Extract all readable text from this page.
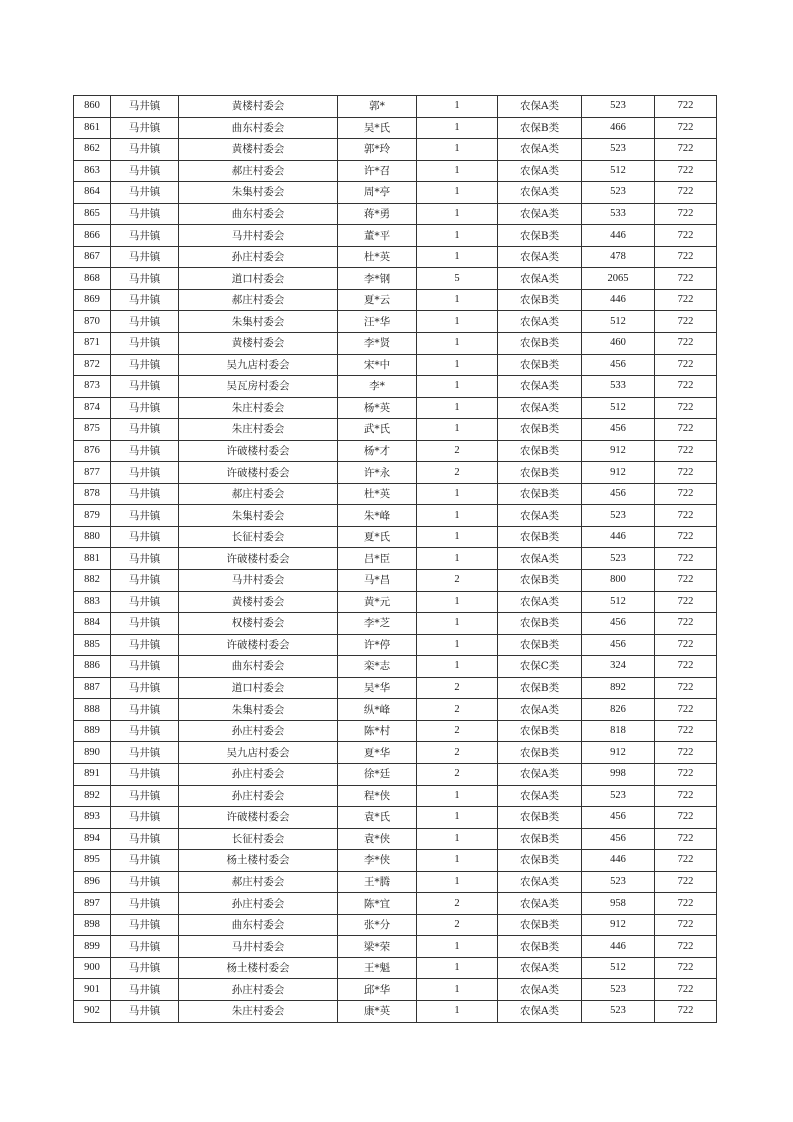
860	马井镇	黄楼村委会	郭*	1	农保A类	523	722
861	马井镇	曲东村委会	吴*氏	1	农保B类	466	722
862	马井镇	黄楼村委会	郭*玲	1	农保A类	523	722
863	马井镇	郝庄村委会	许*召	1	农保A类	512	722
864	马井镇	朱集村委会	周*亭	1	农保A类	523	722
865	马井镇	曲东村委会	蒋*勇	1	农保A类	533	722
866	马井镇	马井村委会	董*平	1	农保B类	446	722
867	马井镇	孙庄村委会	杜*英	1	农保A类	478	722
868	马井镇	道口村委会	李*钢	5	农保A类	2065	722
869	马井镇	郝庄村委会	夏*云	1	农保B类	446	722
870	马井镇	朱集村委会	汪*华	1	农保A类	512	722
871	马井镇	黄楼村委会	李*贤	1	农保B类	460	722
872	马井镇	吴九店村委会	宋*中	1	农保B类	456	722
873	马井镇	吴瓦房村委会	李*	1	农保A类	533	722
874	马井镇	朱庄村委会	杨*英	1	农保A类	512	722
875	马井镇	朱庄村委会	武*氏	1	农保B类	456	722
876	马井镇	许破楼村委会	杨*才	2	农保B类	912	722
877	马井镇	许破楼村委会	许*永	2	农保B类	912	722
878	马井镇	郝庄村委会	杜*英	1	农保B类	456	722
879	马井镇	朱集村委会	朱*峰	1	农保A类	523	722
880	马井镇	长征村委会	夏*氏	1	农保B类	446	722
881	马井镇	许破楼村委会	吕*臣	1	农保A类	523	722
882	马井镇	马井村委会	马*昌	2	农保B类	800	722
883	马井镇	黄楼村委会	黄*元	1	农保A类	512	722
884	马井镇	权楼村委会	李*芝	1	农保B类	456	722
885	马井镇	许破楼村委会	许*停	1	农保B类	456	722
886	马井镇	曲东村委会	栾*志	1	农保C类	324	722
887	马井镇	道口村委会	吴*华	2	农保B类	892	722
888	马井镇	朱集村委会	纵*峰	2	农保A类	826	722
889	马井镇	孙庄村委会	陈*村	2	农保B类	818	722
890	马井镇	吴九店村委会	夏*华	2	农保B类	912	722
891	马井镇	孙庄村委会	徐*廷	2	农保A类	998	722
892	马井镇	孙庄村委会	程*侠	1	农保A类	523	722
893	马井镇	许破楼村委会	袁*氏	1	农保B类	456	722
894	马井镇	长征村委会	袁*侠	1	农保B类	456	722
895	马井镇	杨土楼村委会	李*侠	1	农保B类	446	722
896	马井镇	郝庄村委会	王*腾	1	农保A类	523	722
897	马井镇	孙庄村委会	陈*宜	2	农保A类	958	722
898	马井镇	曲东村委会	张*分	2	农保B类	912	722
899	马井镇	马井村委会	梁*荣	1	农保B类	446	722
900	马井镇	杨土楼村委会	王*魁	1	农保A类	512	722
901	马井镇	孙庄村委会	邱*华	1	农保A类	523	722
902	马井镇	朱庄村委会	康*英	1	农保A类	523	722
